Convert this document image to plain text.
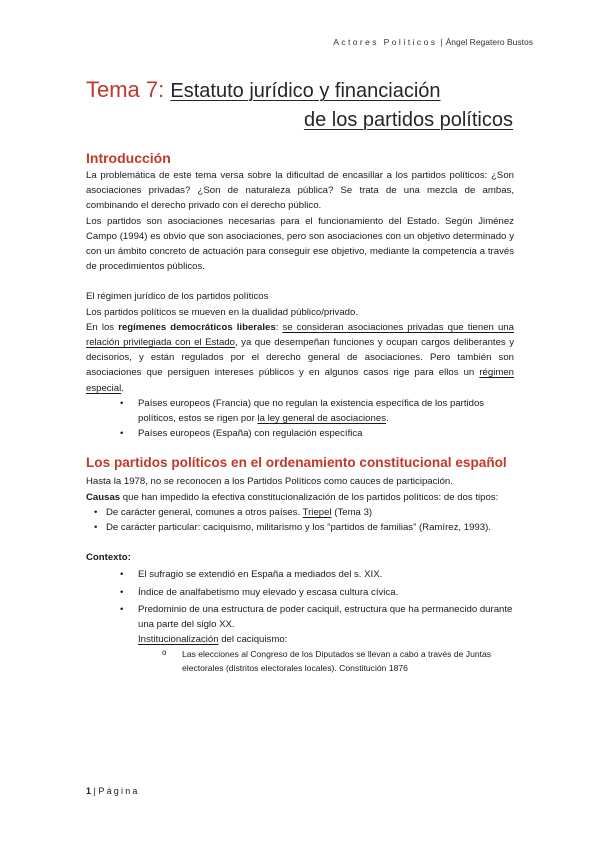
Actores Políticos | Ángel Regatero Bustos
Tema 7: Estatuto jurídico y financiación
de los partidos políticos
Introducción

La problemática de este tema versa sobre la dificultad de encasillar a los partidos políticos: ¿Son asociaciones privadas? ¿Son de naturaleza pública? Se trata de una mezcla de ambas, combinando el derecho privado con el derecho público.

Los partidos son asociaciones necesarias para el funcionamiento del Estado. Según Jiménez Campo (1994) es obvio que son asociaciones, pero son asociaciones con un objetivo determinado y con un ámbito concreto de actuación para conseguir ese objetivo, mediante la competencia a través de procedimientos públicos.

El régimen jurídico de los partidos políticos

Los partidos políticos se mueven en la dualidad público/privado.

En los regímenes democráticos liberales: se consideran asociaciones privadas que tienen una relación privilegiada con el Estado, ya que desempeñan funciones y ocupan cargos deliberantes y decisorios, y están regulados por el derecho general de asociaciones. Pero también son asociaciones que persiguen intereses públicos y en algunos casos rige para ellos un régimen especial.

• Países europeos (Francia) que no regulan la existencia específica de los partidos políticos, estos se rigen por la ley general de asociaciones.
• Países europeos (España) con regulación específica
Los partidos políticos en el ordenamiento constitucional español

Hasta la 1978, no se reconocen a los Partidos Políticos como cauces de participación.

Causas que han impedido la efectiva constitucionalización de los partidos políticos: de dos tipos:

• De carácter general, comunes a otros países. Triepel (Tema 3)
• De carácter particular: caciquismo, militarismo y los “partidos de familias” (Ramírez, 1993).

Contexto:

• El sufragio se extendió en España a mediados del s. XIX.
• Índice de analfabetismo muy elevado y escasa cultura cívica.
• Predominio de una estructura de poder caciquil, estructura que ha permanecido durante una parte del siglo XX.
Institucionalización del caciquismo:
o Las elecciones al Congreso de los Diputados se llevan a cabo a través de Juntas electorales (distritos electorales locales). Constitución 1876
1 | Página
